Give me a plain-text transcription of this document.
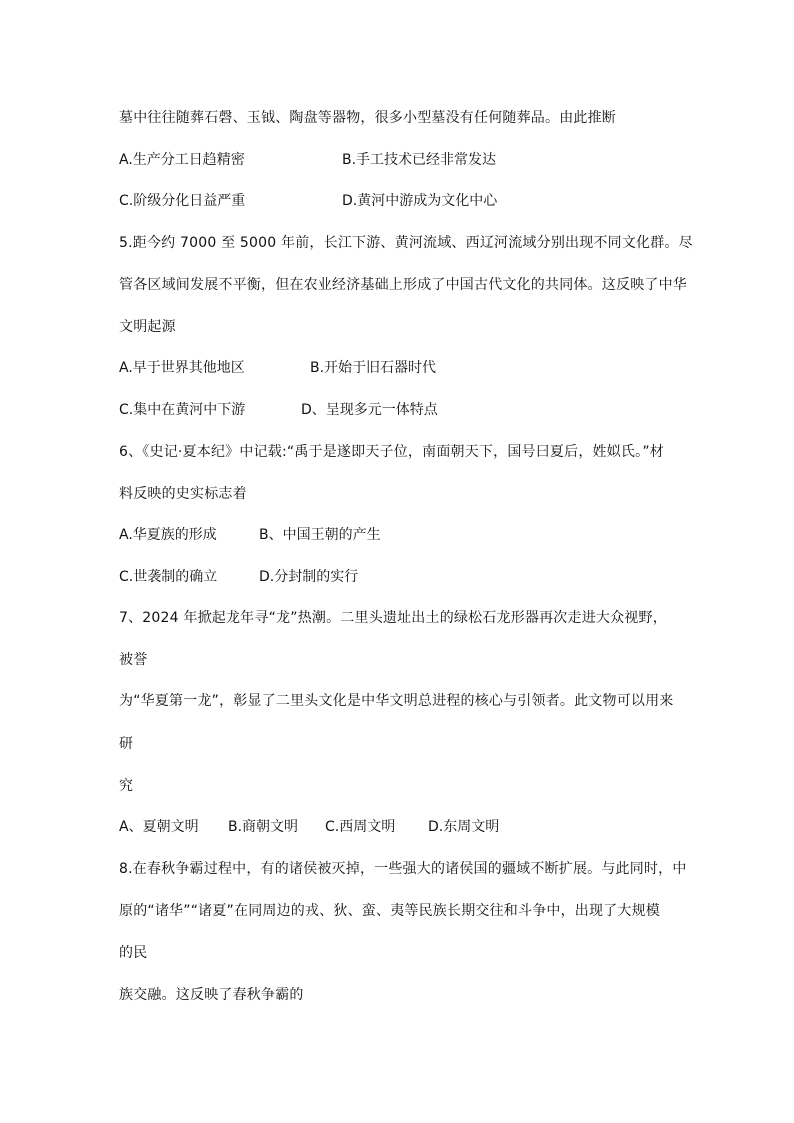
墓中往往随葬石磬、玉钺、陶盘等器物，很多小型墓没有任何随葬品。由此推断
A.生产分工日趋精密	B.手工技术已经非常发达
C.阶级分化日益严重	D.黄河中游成为文化中心
5.距今约 7000 至 5000 年前，长江下游、黄河流域、西辽河流域分别出现不同文化群。尽
管各区域间发展不平衡，但在农业经济基础上形成了中国古代文化的共同体。这反映了中华
文明起源
A.早于世界其他地区	B.开始于旧石器时代
C.集中在黄河中下游	D、呈现多元一体特点
6、《史记·夏本纪》中记载:“禹于是遂即天子位，南面朝天下，国号曰夏后，姓姒氏。”材
料反映的史实标志着
A.华夏族的形成	B、中国王朝的产生
C.世袭制的确立	D.分封制的实行
7、2024 年掀起龙年寻“龙”热潮。二里头遗址出土的绿松石龙形器再次走进大众视野，
被誉
为“华夏第一龙”，彰显了二里头文化是中华文明总进程的核心与引领者。此文物可以用来
研
究
A、夏朝文明 B.商朝文明 C.西周文明 D.东周文明
8.在春秋争霸过程中，有的诸侯被灭掉，一些强大的诸侯国的疆域不断扩展。与此同时，中
原的“诸华”“诸夏”在同周边的戎、狄、蛮、夷等民族长期交往和斗争中，出现了大规模
的民
族交融。这反映了春秋争霸的
